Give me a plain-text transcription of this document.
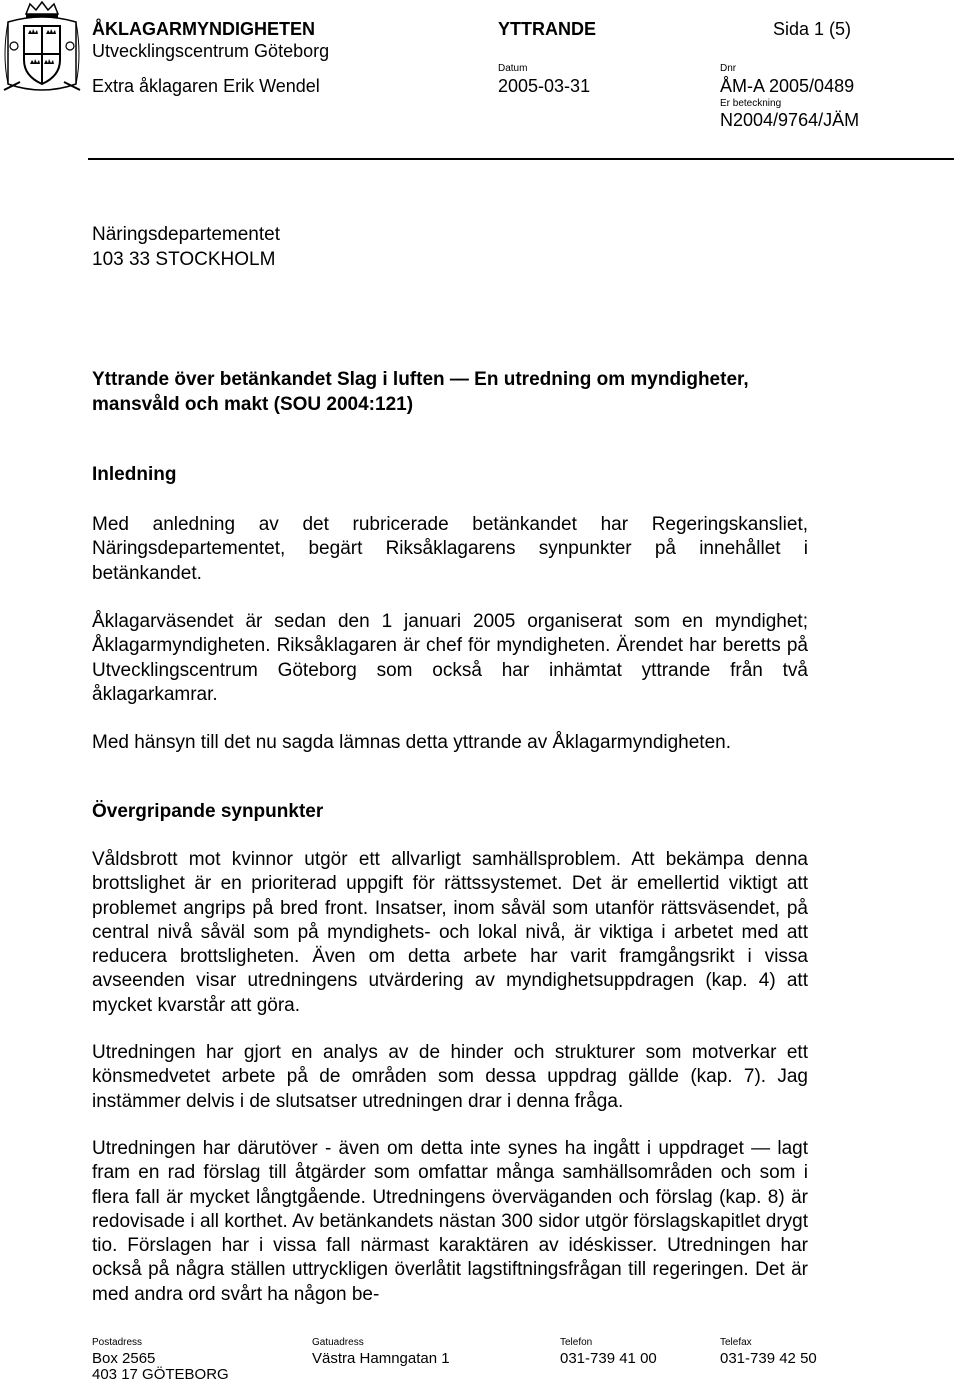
ÅKLAGARMYNDIGHETEN
Utvecklingscentrum Göteborg
Extra åklagaren Erik Wendel
YTTRANDE	Sida 1 (5)
Datum
2005-03-31
Dnr
ÅM-A 2005/0489
Er beteckning
N2004/9764/JÄM
Näringsdepartementet
103 33 STOCKHOLM
Yttrande över betänkandet Slag i luften — En utredning om myndigheter,
mansvåld och makt (SOU 2004:121)
Inledning
Med anledning av det rubricerade betänkandet har Regeringskansliet, Näringsdepartementet, begärt Riksåklagarens synpunkter på innehållet i betänkandet.
Åklagarväsendet är sedan den 1 januari 2005 organiserat som en myndighet; Åklagarmyndigheten. Riksåklagaren är chef för myndigheten. Ärendet har beretts på Utvecklingscentrum Göteborg som också har inhämtat yttrande från två åklagarkamrar.
Med hänsyn till det nu sagda lämnas detta yttrande av Åklagarmyndigheten.
Övergripande synpunkter
Våldsbrott mot kvinnor utgör ett allvarligt samhällsproblem. Att bekämpa denna brottslighet är en prioriterad uppgift för rättssystemet. Det är emellertid viktigt att problemet angrips på bred front. Insatser, inom såväl som utanför rättsväsendet, på central nivå såväl som på myndighets- och lokal nivå, är viktiga i arbetet med att reducera brottsligheten. Även om detta arbete har varit framgångsrikt i vissa avseenden visar utredningens utvärdering av myndighetsuppdragen (kap. 4) att mycket kvarstår att göra.
Utredningen har gjort en analys av de hinder och strukturer som motverkar ett könsmedvetet arbete på de områden som dessa uppdrag gällde (kap. 7). Jag instämmer delvis i de slutsatser utredningen drar i denna fråga.
Utredningen har därutöver - även om detta inte synes ha ingått i uppdraget — lagt fram en rad förslag till åtgärder som omfattar många samhällsområden och som i flera fall är mycket långtgående. Utredningens överväganden och förslag (kap. 8) är redovisade i all korthet. Av betänkandets nästan 300 sidor utgör förslagskapitlet drygt tio. Förslagen har i vissa fall närmast karaktären av idéskisser. Utredningen har också på några ställen uttryckligen överlåtit lagstiftningsfrågan till regeringen. Det är med andra ord svårt ha någon be-
Postadress
Box 2565
403 17 GÖTEBORG
Gatuadress
Västra Hamngatan 1
Telefon
031-739 41 00
Telefax
031-739 42 50
